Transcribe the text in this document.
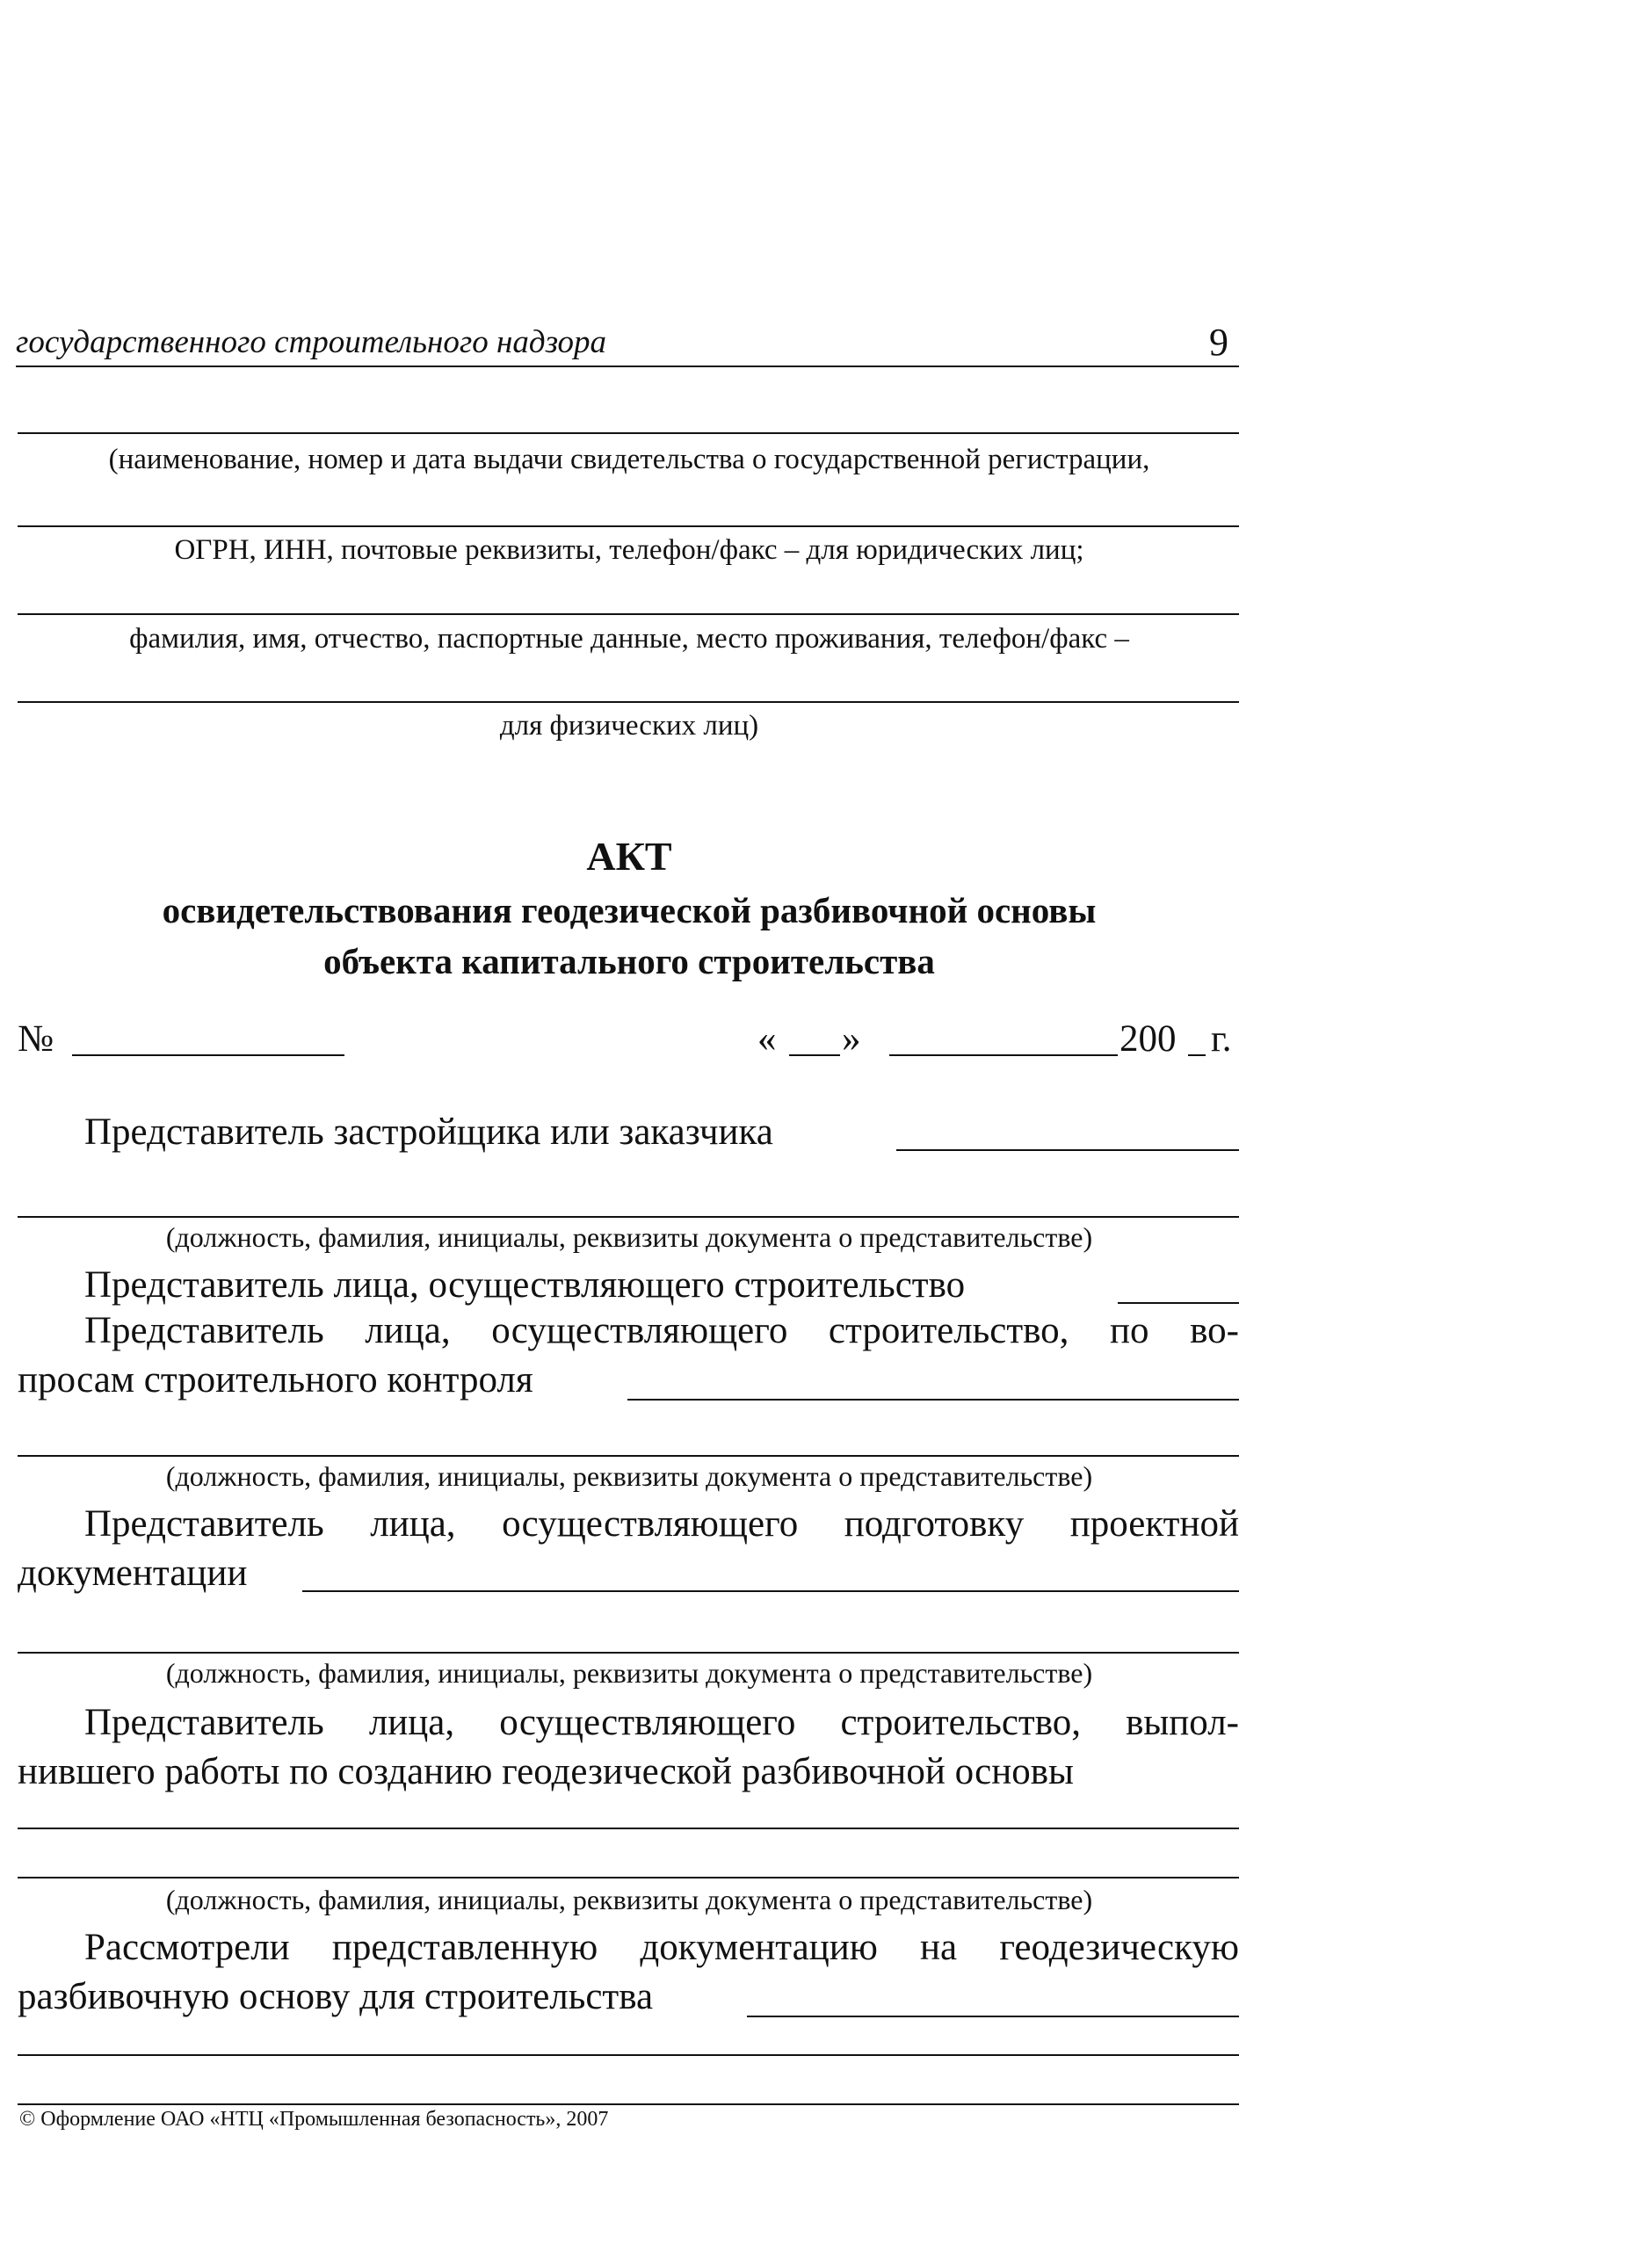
государственного строительного надзора	9
(наименование, номер и дата выдачи свидетельства о государственной регистрации,
ОГРН, ИНН, почтовые реквизиты, телефон/факс – для юридических лиц;
фамилия, имя, отчество, паспортные данные, место проживания, телефон/факс –
для физических лиц)
АКТ
освидетельствования геодезической разбивочной основы
объекта капитального строительства
№	« »	200 г.
Представитель застройщика или заказчика
(должность, фамилия, инициалы, реквизиты документа о представительстве)
Представитель лица, осуществляющего строительство
Представитель лица, осуществляющего строительство, по во-
просам строительного контроля
(должность, фамилия, инициалы, реквизиты документа о представительстве)
Представитель лица, осуществляющего подготовку проектной
документации
(должность, фамилия, инициалы, реквизиты документа о представительстве)
Представитель лица, осуществляющего строительство, выпол-
нившего работы по созданию геодезической разбивочной основы
(должность, фамилия, инициалы, реквизиты документа о представительстве)
Рассмотрели представленную документацию на геодезическую
разбивочную основу для строительства
© Оформление ОАО «НТЦ «Промышленная безопасность», 2007
